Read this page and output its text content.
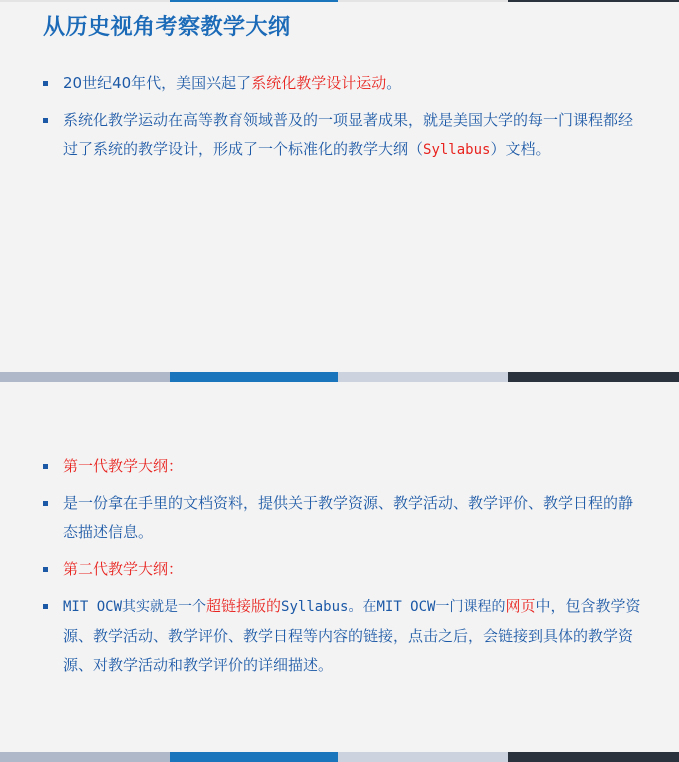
从历史视角考察教学大纲
20世纪40年代，美国兴起了系统化教学设计运动。
系统化教学运动在高等教育领域普及的一项显著成果，就是美国大学的每一门课程都经过了系统的教学设计，形成了一个标准化的教学大纲（Syllabus）文档。
第一代教学大纲：
是一份拿在手里的文档资料，提供关于教学资源、教学活动、教学评价、教学日程的静态描述信息。
第二代教学大纲：
MIT OCW其实就是一个超链接版的Syllabus。在MIT OCW一门课程的网页中，包含教学资源、教学活动、教学评价、教学日程等内容的链接，点击之后，会链接到具体的教学资源、对教学活动和教学评价的详细描述。
